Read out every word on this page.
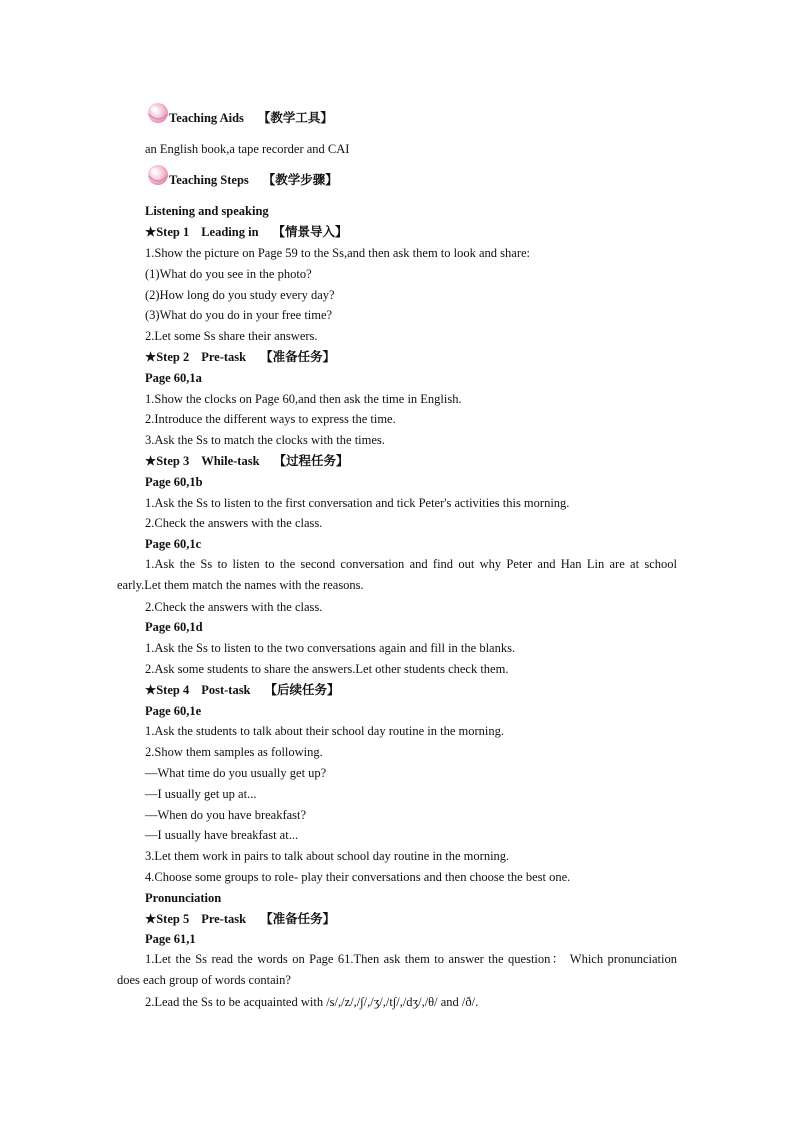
Teaching Aids 【教学工具】
an English book,a tape recorder and CAI
Teaching Steps 【教学步骤】
Listening and speaking
★Step 1 Leading in 【情景导入】
1.Show the picture on Page 59 to the Ss,and then ask them to look and share:
(1)What do you see in the photo?
(2)How long do you study every day?
(3)What do you do in your free time?
2.Let some Ss share their answers.
★Step 2 Pre-task 【准备任务】
Page 60,1a
1.Show the clocks on Page 60,and then ask the time in English.
2.Introduce the different ways to express the time.
3.Ask the Ss to match the clocks with the times.
★Step 3 While-task 【过程任务】
Page 60,1b
1.Ask the Ss to listen to the first conversation and tick Peter's activities this morning.
2.Check the answers with the class.
Page 60,1c
1.Ask the Ss to listen to the second conversation and find out why Peter and Han Lin are at school early.Let them match the names with the reasons.
2.Check the answers with the class.
Page 60,1d
1.Ask the Ss to listen to the two conversations again and fill in the blanks.
2.Ask some students to share the answers.Let other students check them.
★Step 4 Post-task 【后续任务】
Page 60,1e
1.Ask the students to talk about their school day routine in the morning.
2.Show them samples as following.
—What time do you usually get up?
—I usually get up at...
—When do you have breakfast?
—I usually have breakfast at...
3.Let them work in pairs to talk about school day routine in the morning.
4.Choose some groups to role- play their conversations and then choose the best one.
Pronunciation
★Step 5 Pre-task 【准备任务】
Page 61,1
1.Let the Ss read the words on Page 61.Then ask them to answer the question： Which pronunciation does each group of words contain?
2.Lead the Ss to be acquainted with /s/,/z/,/∫/,/ʒ/,/t∫/,/dʒ/,/θ/ and /ð/.
